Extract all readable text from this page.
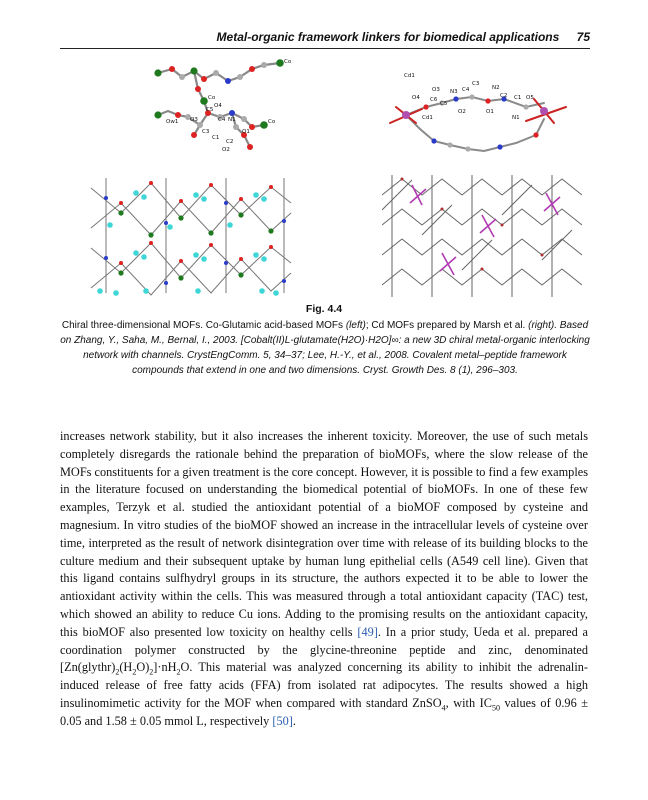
Metal-organic framework linkers for biomedical applications 75
Co
Co
O4
C5
O3	C4 N1	Co
Ow1
C3
C1
C2
O1
O2
Cd1
C3
N2
O3 N3 C4
O4 C6
C5
C2 C1 O5
O2	O1
Cd1	N1
Fig. 4.4
Chiral three-dimensional MOFs. Co-Glutamic acid-based MOFs (left); Cd MOFs prepared by Marsh et al. (right). Based on Zhang, Y., Saha, M., Bernal, I., 2003. [Cobalt(II)L-glutamate(H2O)·H2O]∞: a new 3D chiral metal-organic interlocking network with channels. CrystEngComm. 5, 34–37; Lee, H.-Y., et al., 2008. Covalent metal–peptide framework compounds that extend in one and two dimensions. Cryst. Growth Des. 8 (1), 296–303.
increases network stability, but it also increases the inherent toxicity. Moreover, the use of such metals completely disregards the rationale behind the preparation of bioMOFs, where the slow release of the MOFs constituents for a given treatment is the core concept. However, it is possible to find a few examples in the literature focused on understanding the biomedical potential of bioMOFs. In one of these few examples, Terzyk et al. studied the antioxidant potential of a bioMOF composed by cysteine and magnesium. In vitro studies of the bioMOF showed an increase in the intracellular levels of cysteine over time, interpreted as the result of network disintegration over time with release of its building blocks to the culture medium and their subsequent uptake by human lung epithelial cells (A549 cell line). Given that this ligand contains sulfhydryl groups in its structure, the authors expected it to be able to lower the antioxidant activity within the cells. This was measured through a total antioxidant capacity (TAC) test, which showed an ability to reduce Cu ions. Adding to the promising results on the antioxidant capacity, this bioMOF also presented low toxicity on healthy cells [49]. In a prior study, Ueda et al. prepared a coordination polymer constructed by the glycine-threonine peptide and zinc, denominated $[Zn(glythr)_2(H_2O)_2]\cdot nH_2O$. This material was analyzed concerning its ability to inhibit the adrenalin-induced release of free fatty acids (FFA) from isolated rat adipocytes. The results showed a high insulinomimetic activity for the MOF when compared with standard ZnSO$_4$, with $IC_{50}$ values of 0.96 ± 0.05 and 1.58 ± 0.05 mmol L, respectively [50].
